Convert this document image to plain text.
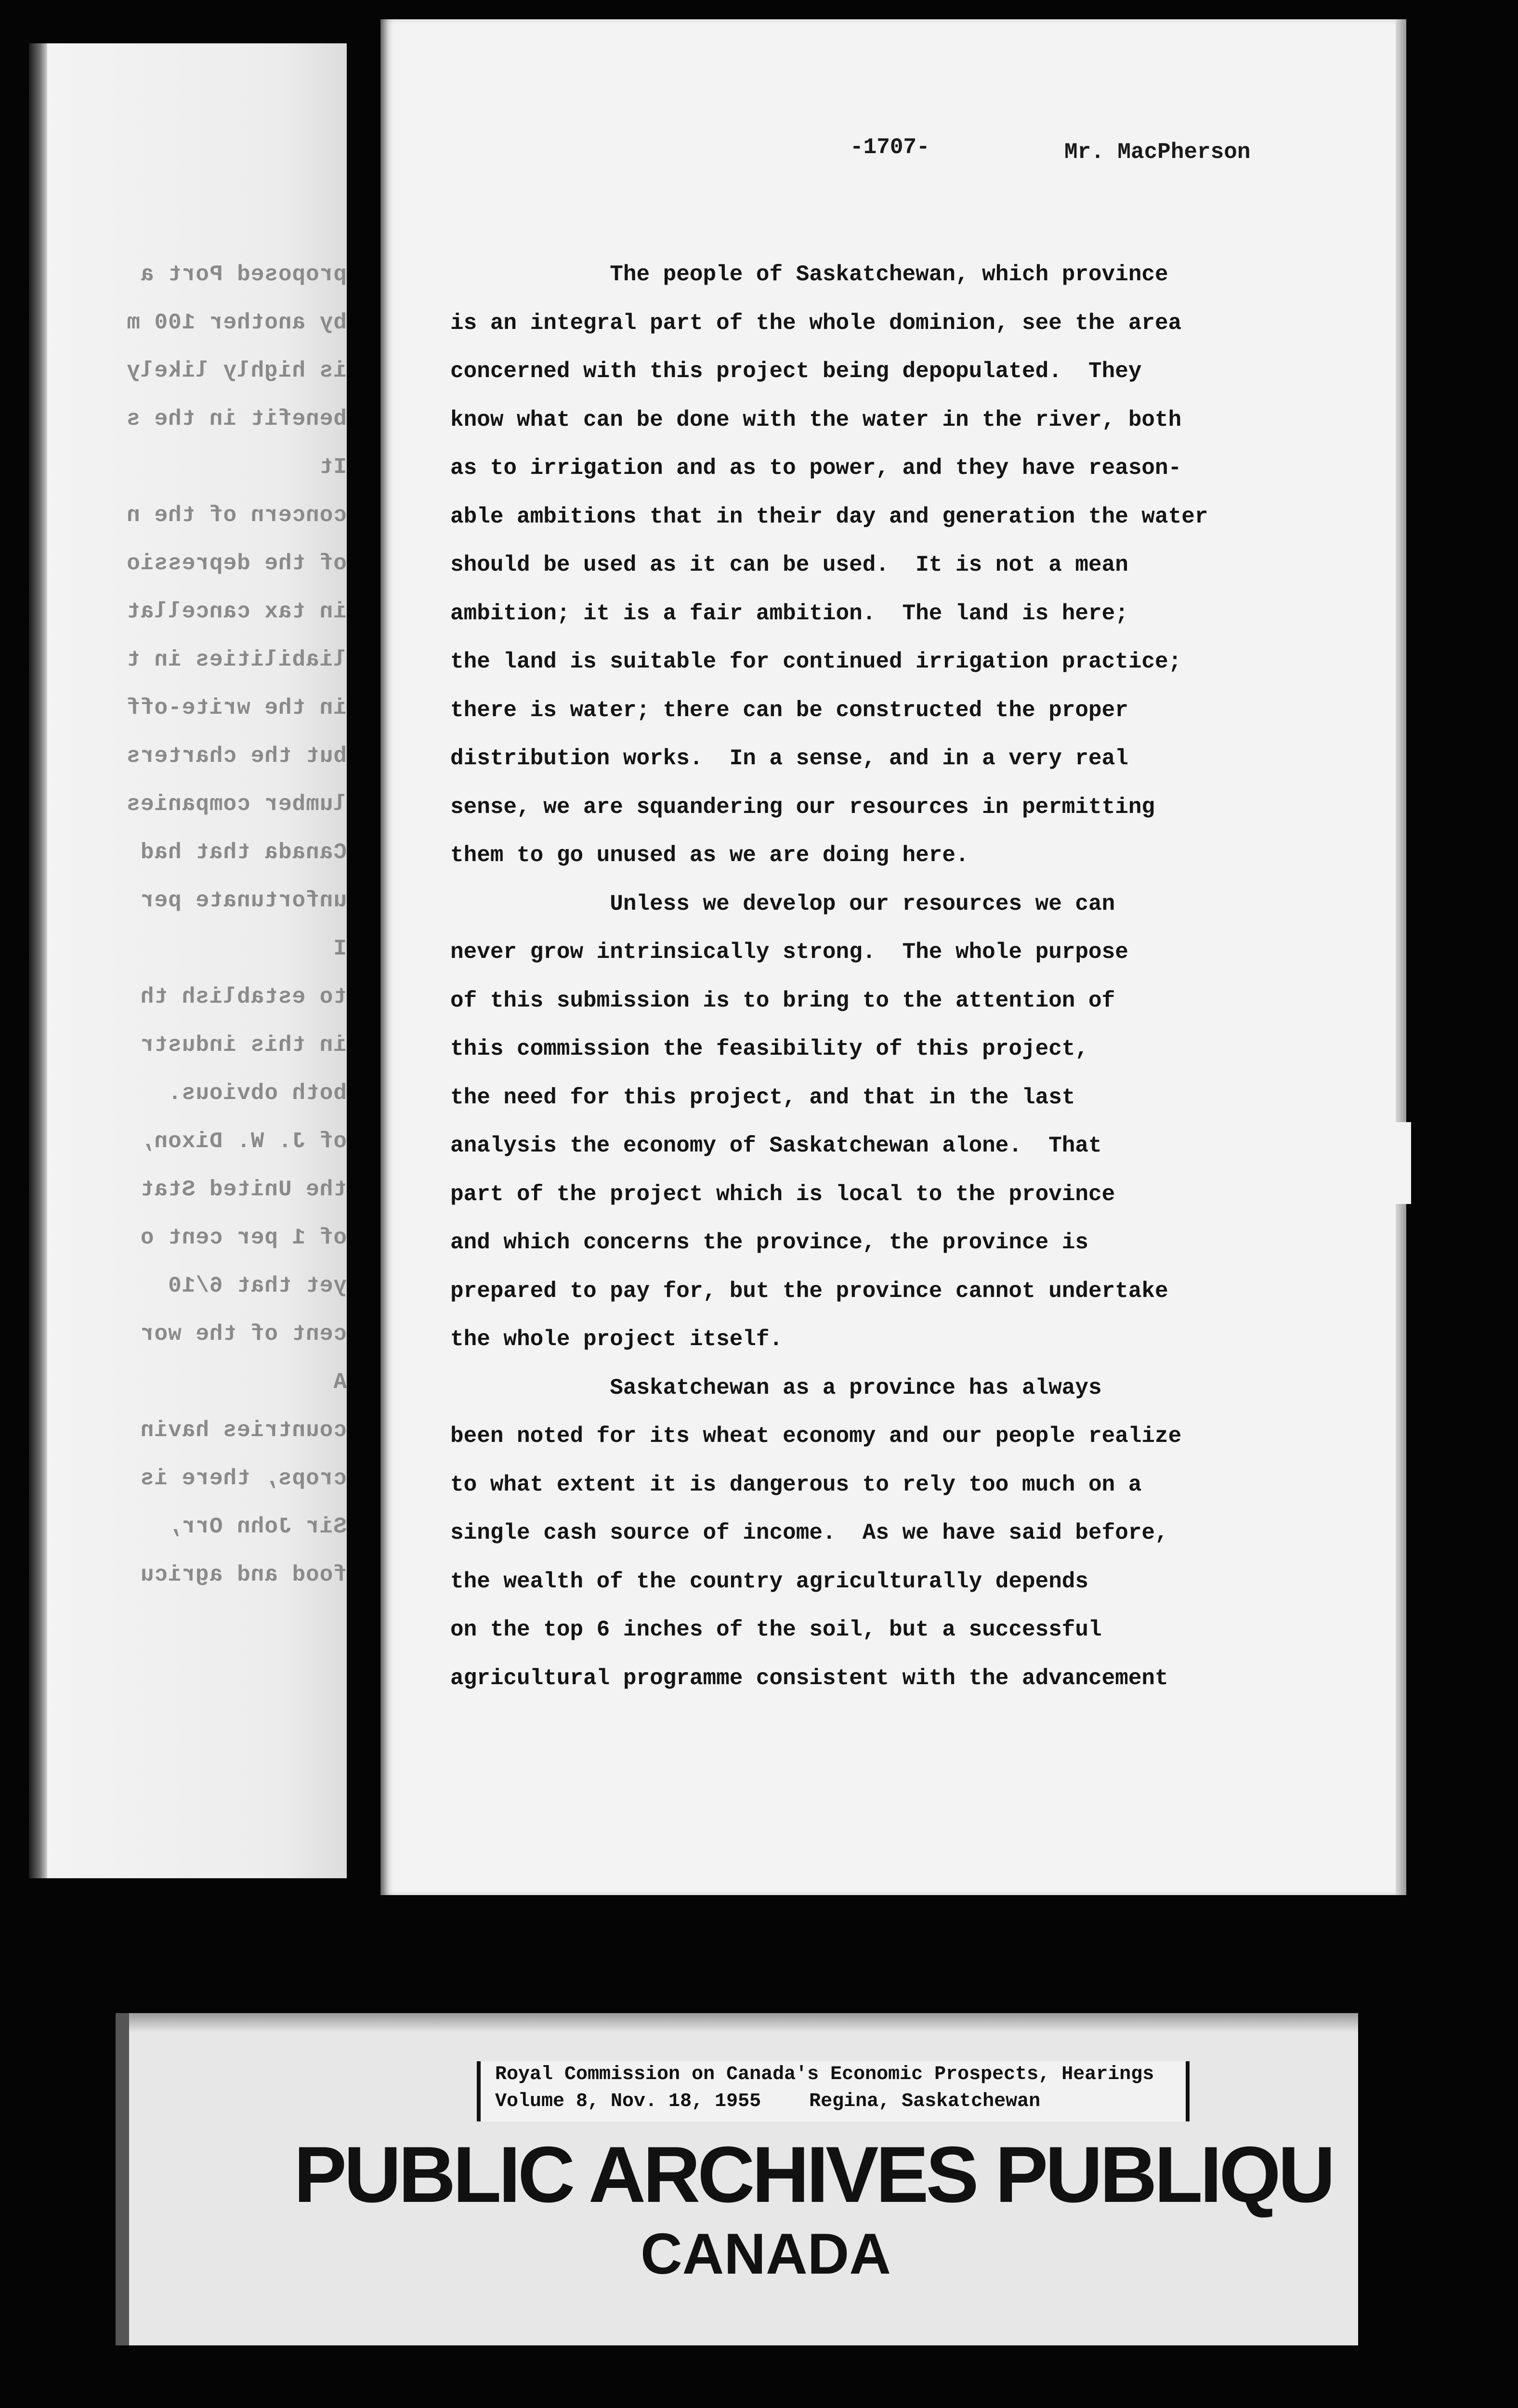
proposed Port a
by another 100 m
is highly likely
benefit in the s
It
concern of the n
of the depressio
in tax cancellat
liabilities in t
in the write-off
but the charters
lumber companies
Canada that had
unfortunate per
I
to establish th
in this industr
both obvious.
of J. W. Dixon,
the United Stat
of 1 per cent o
yet that 6/10
cent of the wor
A
countries havin
crops, there is
Sir John Orr,
food and agricu
-1707-	Mr. MacPherson
The people of Saskatchewan, which province
is an integral part of the whole dominion, see the area
concerned with this project being depopulated.  They
know what can be done with the water in the river, both
as to irrigation and as to power, and they have reason-
able ambitions that in their day and generation the water
should be used as it can be used.  It is not a mean
ambition; it is a fair ambition.  The land is here;
the land is suitable for continued irrigation practice;
there is water; there can be constructed the proper
distribution works.  In a sense, and in a very real
sense, we are squandering our resources in permitting
them to go unused as we are doing here.
Unless we develop our resources we can
never grow intrinsically strong.  The whole purpose
of this submission is to bring to the attention of
this commission the feasibility of this project,
the need for this project, and that in the last
analysis the economy of Saskatchewan alone.  That
part of the project which is local to the province
and which concerns the province, the province is
prepared to pay for, but the province cannot undertake
the whole project itself.
Saskatchewan as a province has always
been noted for its wheat economy and our people realize
to what extent it is dangerous to rely too much on a
single cash source of income.  As we have said before,
the wealth of the country agriculturally depends
on the top 6 inches of the soil, but a successful
agricultural programme consistent with the advancement
Royal Commission on Canada's Economic Prospects, Hearings
Volume 8, Nov. 18, 1955	Regina, Saskatchewan
PUBLIC ARCHIVES PUBLIQU
CANADA
